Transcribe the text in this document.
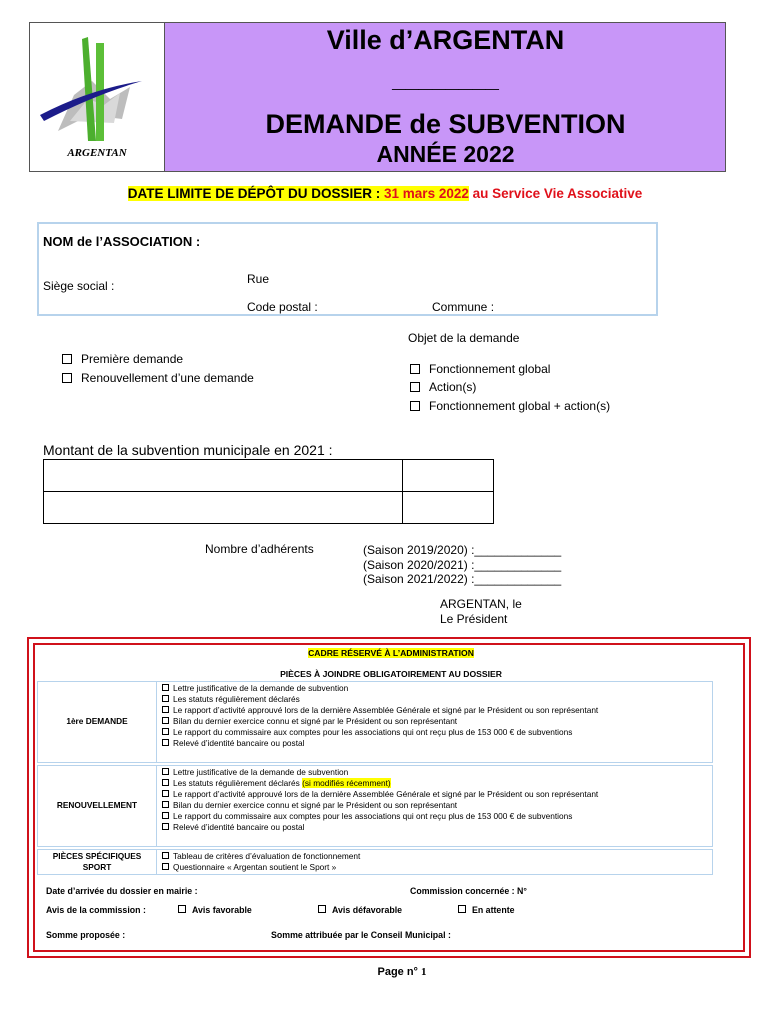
ARGENTAN
Ville d’ARGENTAN
________
DEMANDE de SUBVENTION
ANNÉE 2022
DATE LIMITE DE DÉPÔT DU DOSSIER : 31 mars 2022 au Service Vie Associative
NOM de l’ASSOCIATION :
Siège social :	Rue
Code postal :	Commune :
Objet de la demande
Première demande
Renouvellement d’une demande
Fonctionnement global
Action(s)
Fonctionnement global + action(s)
Montant de la subvention municipale en 2021 :

Nombre d’adhérents	(Saison 2019/2020) :_____________
(Saison 2020/2021) :_____________
(Saison 2021/2022) :_____________
ARGENTAN, le
Le Président
CADRE RÉSERVÉ À L’ADMINISTRATION
PIÈCES À JOINDRE OBLIGATOIREMENT AU DOSSIER
1ère DEMANDE
Lettre justificative de la demande de subvention
Les statuts régulièrement déclarés
Le rapport d’activité approuvé lors de la dernière Assemblée Générale et signé par le Président ou son représentant
Bilan du dernier exercice connu et signé par le Président ou son représentant
Le rapport du commissaire aux comptes pour les associations qui ont reçu plus de 153 000 € de subventions
Relevé d’identité bancaire ou postal
RENOUVELLEMENT
Lettre justificative de la demande de subvention
Les statuts régulièrement déclarés (si modifiés récemment)
Le rapport d’activité approuvé lors de la dernière Assemblée Générale et signé par le Président ou son représentant
Bilan du dernier exercice connu et signé par le Président ou son représentant
Le rapport du commissaire aux comptes pour les associations qui ont reçu plus de 153 000 € de subventions
Relevé d’identité bancaire ou postal
PIÈCES SPÉCIFIQUES
SPORT
Tableau de critères d’évaluation de fonctionnement
Questionnaire « Argentan soutient le Sport »
Date d’arrivée du dossier en mairie :	Commission concernée : N°
Avis de la commission :	Avis favorable	Avis défavorable	En attente
Somme proposée :	Somme attribuée par le Conseil Municipal :
Page n° 1
